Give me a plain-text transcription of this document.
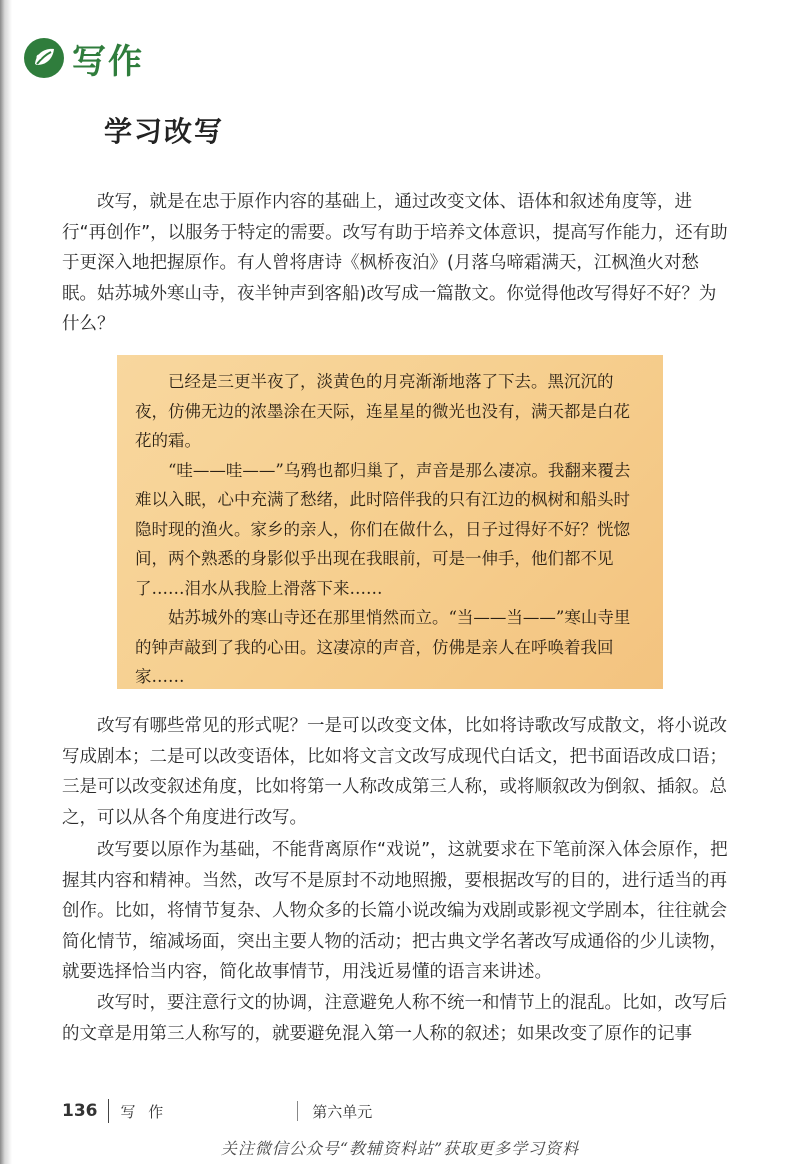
写作
学习改写

改写，就是在忠于原作内容的基础上，通过改变文体、语体和叙述角度等，进行“再创作”，以服务于特定的需要。改写有助于培养文体意识，提高写作能力，还有助于更深入地把握原作。有人曾将唐诗《枫桥夜泊》(月落乌啼霜满天，江枫渔火对愁眠。姑苏城外寒山寺，夜半钟声到客船)改写成一篇散文。你觉得他改写得好不好？为什么？

已经是三更半夜了，淡黄色的月亮渐渐地落了下去。黑沉沉的夜，仿佛无边的浓墨涂在天际，连星星的微光也没有，满天都是白花花的霜。

“哇——哇——”乌鸦也都归巢了，声音是那么凄凉。我翻来覆去难以入眠，心中充满了愁绪，此时陪伴我的只有江边的枫树和船头时隐时现的渔火。家乡的亲人，你们在做什么，日子过得好不好？恍惚间，两个熟悉的身影似乎出现在我眼前，可是一伸手，他们都不见了……泪水从我脸上滑落下来……

姑苏城外的寒山寺还在那里悄然而立。“当——当——”寒山寺里的钟声敲到了我的心田。这凄凉的声音，仿佛是亲人在呼唤着我回家……

改写有哪些常见的形式呢？一是可以改变文体，比如将诗歌改写成散文，将小说改写成剧本；二是可以改变语体，比如将文言文改写成现代白话文，把书面语改成口语；三是可以改变叙述角度，比如将第一人称改成第三人称，或将顺叙改为倒叙、插叙。总之，可以从各个角度进行改写。

改写要以原作为基础，不能背离原作“戏说”，这就要求在下笔前深入体会原作，把握其内容和精神。当然，改写不是原封不动地照搬，要根据改写的目的，进行适当的再创作。比如，将情节复杂、人物众多的长篇小说改编为戏剧或影视文学剧本，往往就会简化情节，缩减场面，突出主要人物的活动；把古典文学名著改写成通俗的少儿读物，就要选择恰当内容，简化故事情节，用浅近易懂的语言来讲述。

改写时，要注意行文的协调，注意避免人称不统一和情节上的混乱。比如，改写后的文章是用第三人称写的，就要避免混入第一人称的叙述；如果改变了原作的记事

136 写 作	第六单元
关注微信公众号“教辅资料站”获取更多学习资料
